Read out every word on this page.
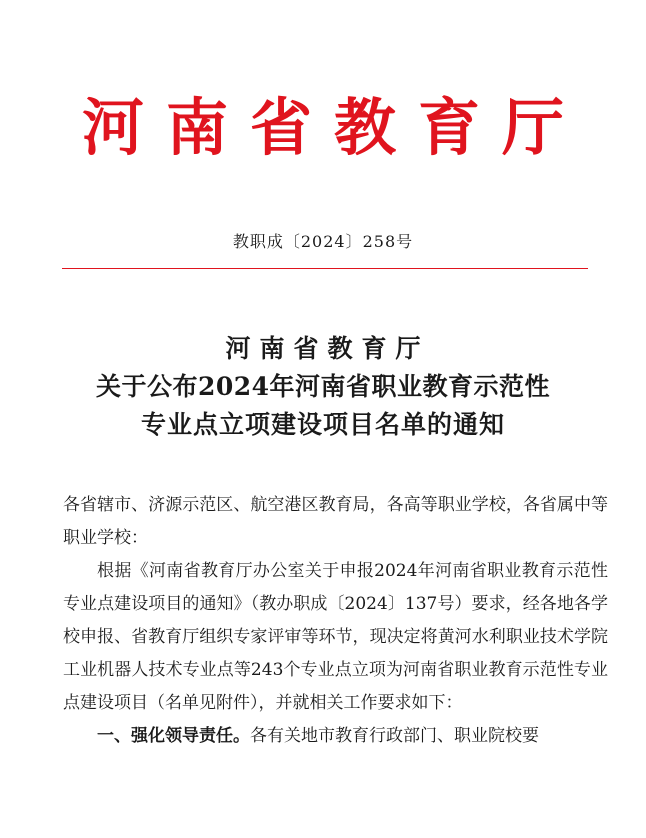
河南省教育厅
教职成〔2024〕258号
河南省教育厅
关于公布2024年河南省职业教育示范性
专业点立项建设项目名单的通知

各省辖市、济源示范区、航空港区教育局，各高等职业学校，各省属中等职业学校：

根据《河南省教育厅办公室关于申报2024年河南省职业教育示范性专业点建设项目的通知》（教办职成〔2024〕137号）要求，经各地各学校申报、省教育厅组织专家评审等环节，现决定将黄河水利职业技术学院工业机器人技术专业点等243个专业点立项为河南省职业教育示范性专业点建设项目（名单见附件），并就相关工作要求如下：

一、强化领导责任。各有关地市教育行政部门、职业院校要
